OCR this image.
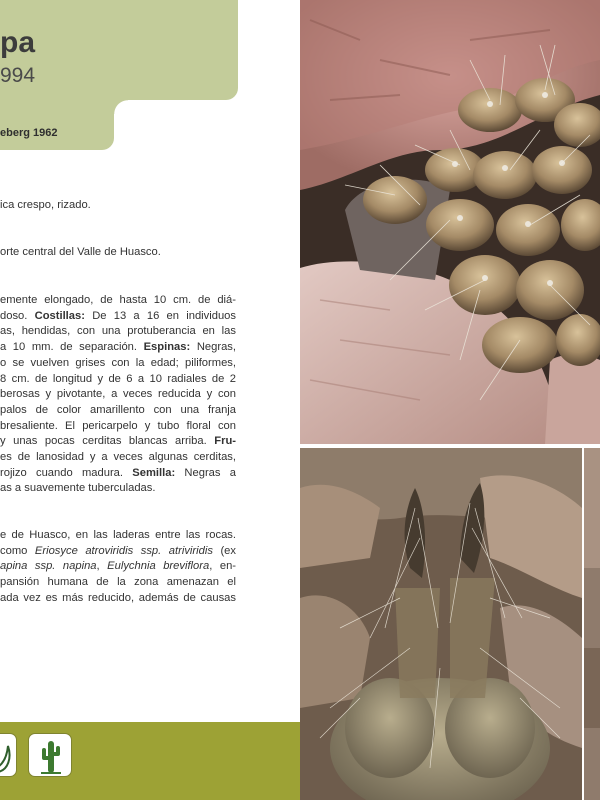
pa
994
eberg 1962

ica crespo, rizado.

orte central del Valle de Huasco.

emente elongado, de hasta 10 cm. de diá-

doso. Costillas: De 13 a 16 en individuos

as, hendidas, con una protuberancia en las

a 10 mm. de separación. Espinas: Negras,

o se vuelven grises con la edad; piliformes,

8 cm. de longitud y de 6 a 10 radiales de 2

berosas y pivotante, a veces reducida y con

palos de color amarillento con una franja

bresaliente. El pericarpelo y tubo floral con

y unas pocas cerditas blancas arriba. Fru-

es de lanosidad y a veces algunas cerditas,

rojizo cuando madura. Semilla: Negras a

as a suavemente tuberculadas.

e de Huasco, en las laderas entre las rocas.

como Eriosyce atroviridis ssp. atriviridis (ex

apina ssp. napina, Eulychnia breviflora, en-

pansión humana de la zona amenazan el

ada vez es más reducido, además de causas
